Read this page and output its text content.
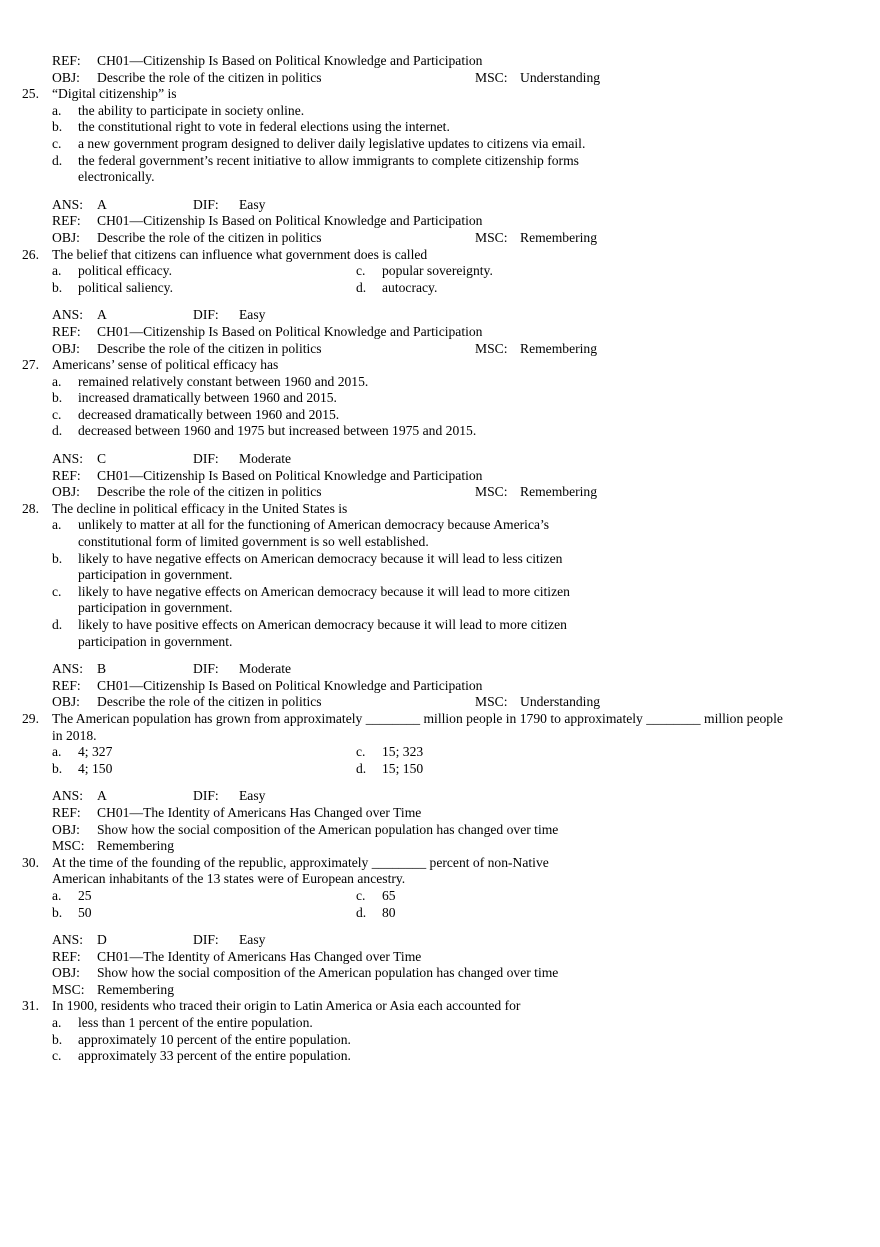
REF: CH01—Citizenship Is Based on Political Knowledge and Participation
OBJ: Describe the role of the citizen in politics	MSC: Understanding
25. “Digital citizenship” is
a. the ability to participate in society online.
b. the constitutional right to vote in federal elections using the internet.
c. a new government program designed to deliver daily legislative updates to citizens via email.
d. the federal government’s recent initiative to allow immigrants to complete citizenship forms
electronically.
ANS: A	DIF: Easy
REF: CH01—Citizenship Is Based on Political Knowledge and Participation
OBJ: Describe the role of the citizen in politics	MSC: Remembering
26. The belief that citizens can influence what government does is called
a. political efficacy.	c. popular sovereignty.
b. political saliency.	d. autocracy.
ANS: A	DIF: Easy
REF: CH01—Citizenship Is Based on Political Knowledge and Participation
OBJ: Describe the role of the citizen in politics	MSC: Remembering
27. Americans’ sense of political efficacy has
a. remained relatively constant between 1960 and 2015.
b. increased dramatically between 1960 and 2015.
c. decreased dramatically between 1960 and 2015.
d. decreased between 1960 and 1975 but increased between 1975 and 2015.
ANS: C	DIF: Moderate
REF: CH01—Citizenship Is Based on Political Knowledge and Participation
OBJ: Describe the role of the citizen in politics	MSC: Remembering
28. The decline in political efficacy in the United States is
a. unlikely to matter at all for the functioning of American democracy because America’s
constitutional form of limited government is so well established.
b. likely to have negative effects on American democracy because it will lead to less citizen
participation in government.
c. likely to have negative effects on American democracy because it will lead to more citizen
participation in government.
d. likely to have positive effects on American democracy because it will lead to more citizen
participation in government.
ANS: B	DIF: Moderate
REF: CH01—Citizenship Is Based on Political Knowledge and Participation
OBJ: Describe the role of the citizen in politics	MSC: Understanding
29. The American population has grown from approximately ________ million people in 1790 to approximately ________ million people
in 2018.
a. 4; 327	c. 15; 323
b. 4; 150	d. 15; 150
ANS: A	DIF: Easy
REF: CH01—The Identity of Americans Has Changed over Time
OBJ: Show how the social composition of the American population has changed over time
MSC: Remembering
30. At the time of the founding of the republic, approximately ________ percent of non-Native
American inhabitants of the 13 states were of European ancestry.
a. 25	c. 65
b. 50	d. 80
ANS: D	DIF: Easy
REF: CH01—The Identity of Americans Has Changed over Time
OBJ: Show how the social composition of the American population has changed over time
MSC: Remembering
31. In 1900, residents who traced their origin to Latin America or Asia each accounted for
a. less than 1 percent of the entire population.
b. approximately 10 percent of the entire population.
c. approximately 33 percent of the entire population.
